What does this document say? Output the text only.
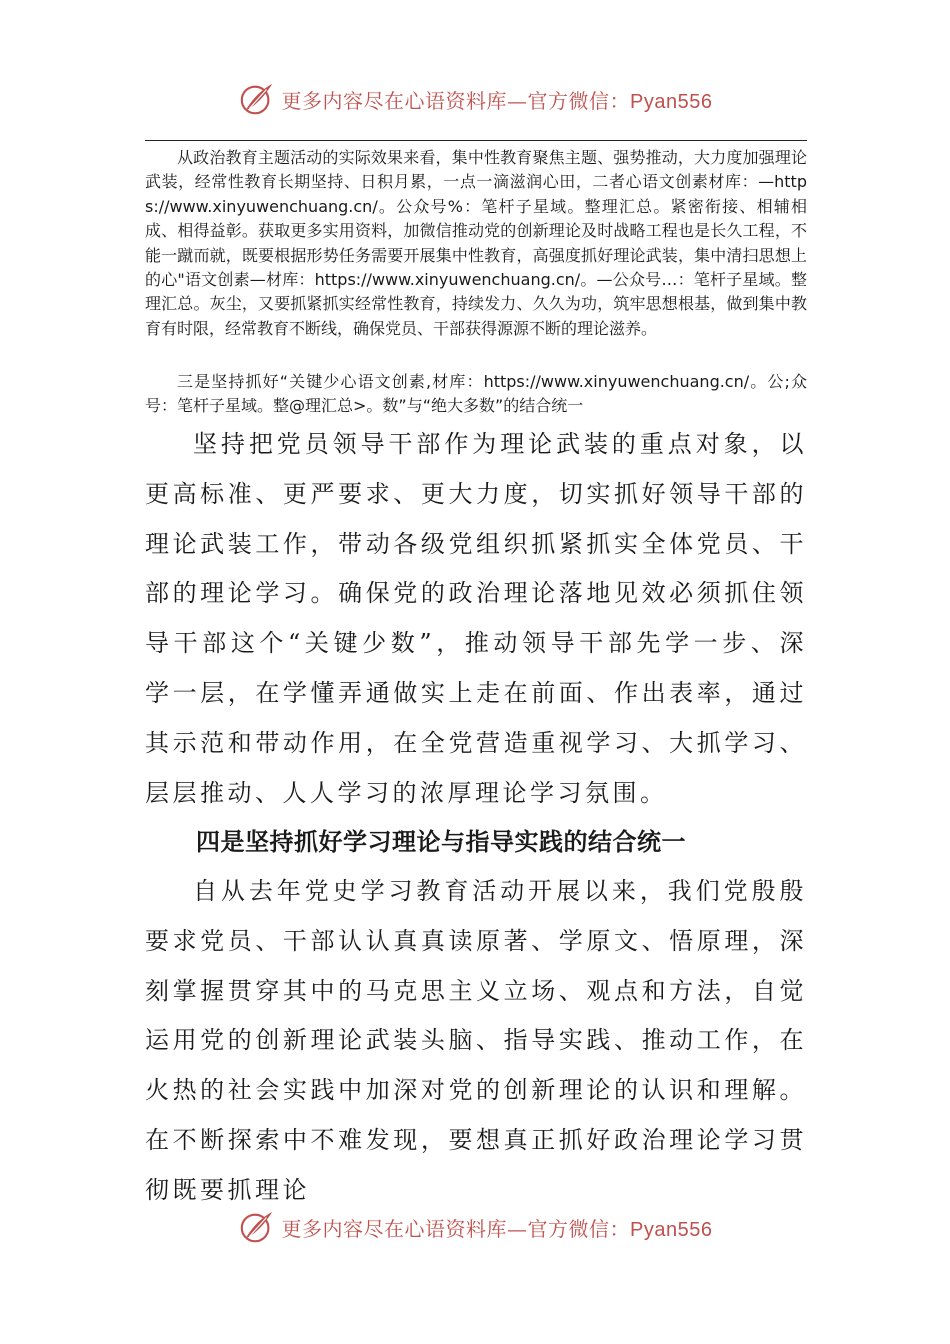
更多内容尽在心语资料库—官方微信：Pyan556

从政治教育主题活动的实际效果来看，集中性教育聚焦主题、强势推动，大力度加强理论武装，经常性教育长期坚持、日积月累，一点一滴滋润心田，二者心语文创素材库：—https://www.xinyuwenchuang.cn/。公众号%：笔杆子星域。整理汇总。紧密衔接、相辅相成、相得益彰。获取更多实用资料，加微信推动党的创新理论及时战略工程也是长久工程，不能一蹴而就，既要根据形势任务需要开展集中性教育，高强度抓好理论武装，集中清扫思想上的心"语文创素—材库：https://www.xinyuwenchuang.cn/。—公众号…：笔杆子星域。整理汇总。灰尘，又要抓紧抓实经常性教育，持续发力、久久为功，筑牢思想根基，做到集中教育有时限，经常教育不断线，确保党员、干部获得源源不断的理论滋养。

三是坚持抓好“关键少心语文创素,材库：https://www.xinyuwenchuang.cn/。公;众号：笔杆子星域。整@理汇总>。数”与“绝大多数”的结合统一

坚持把党员领导干部作为理论武装的重点对象，以更高标准、更严要求、更大力度，切实抓好领导干部的理论武装工作，带动各级党组织抓紧抓实全体党员、干部的理论学习。确保党的政治理论落地见效必须抓住领导干部这个“关键少数”，推动领导干部先学一步、深学一层，在学懂弄通做实上走在前面、作出表率，通过其示范和带动作用，在全党营造重视学习、大抓学习、层层推动、人人学习的浓厚理论学习氛围。

四是坚持抓好学习理论与指导实践的结合统一

自从去年党史学习教育活动开展以来，我们党殷殷要求党员、干部认认真真读原著、学原文、悟原理，深刻掌握贯穿其中的马克思主义立场、观点和方法，自觉运用党的创新理论武装头脑、指导实践、推动工作，在火热的社会实践中加深对党的创新理论的认识和理解。在不断探索中不难发现，要想真正抓好政治理论学习贯彻既要抓理论

更多内容尽在心语资料库—官方微信：Pyan556
